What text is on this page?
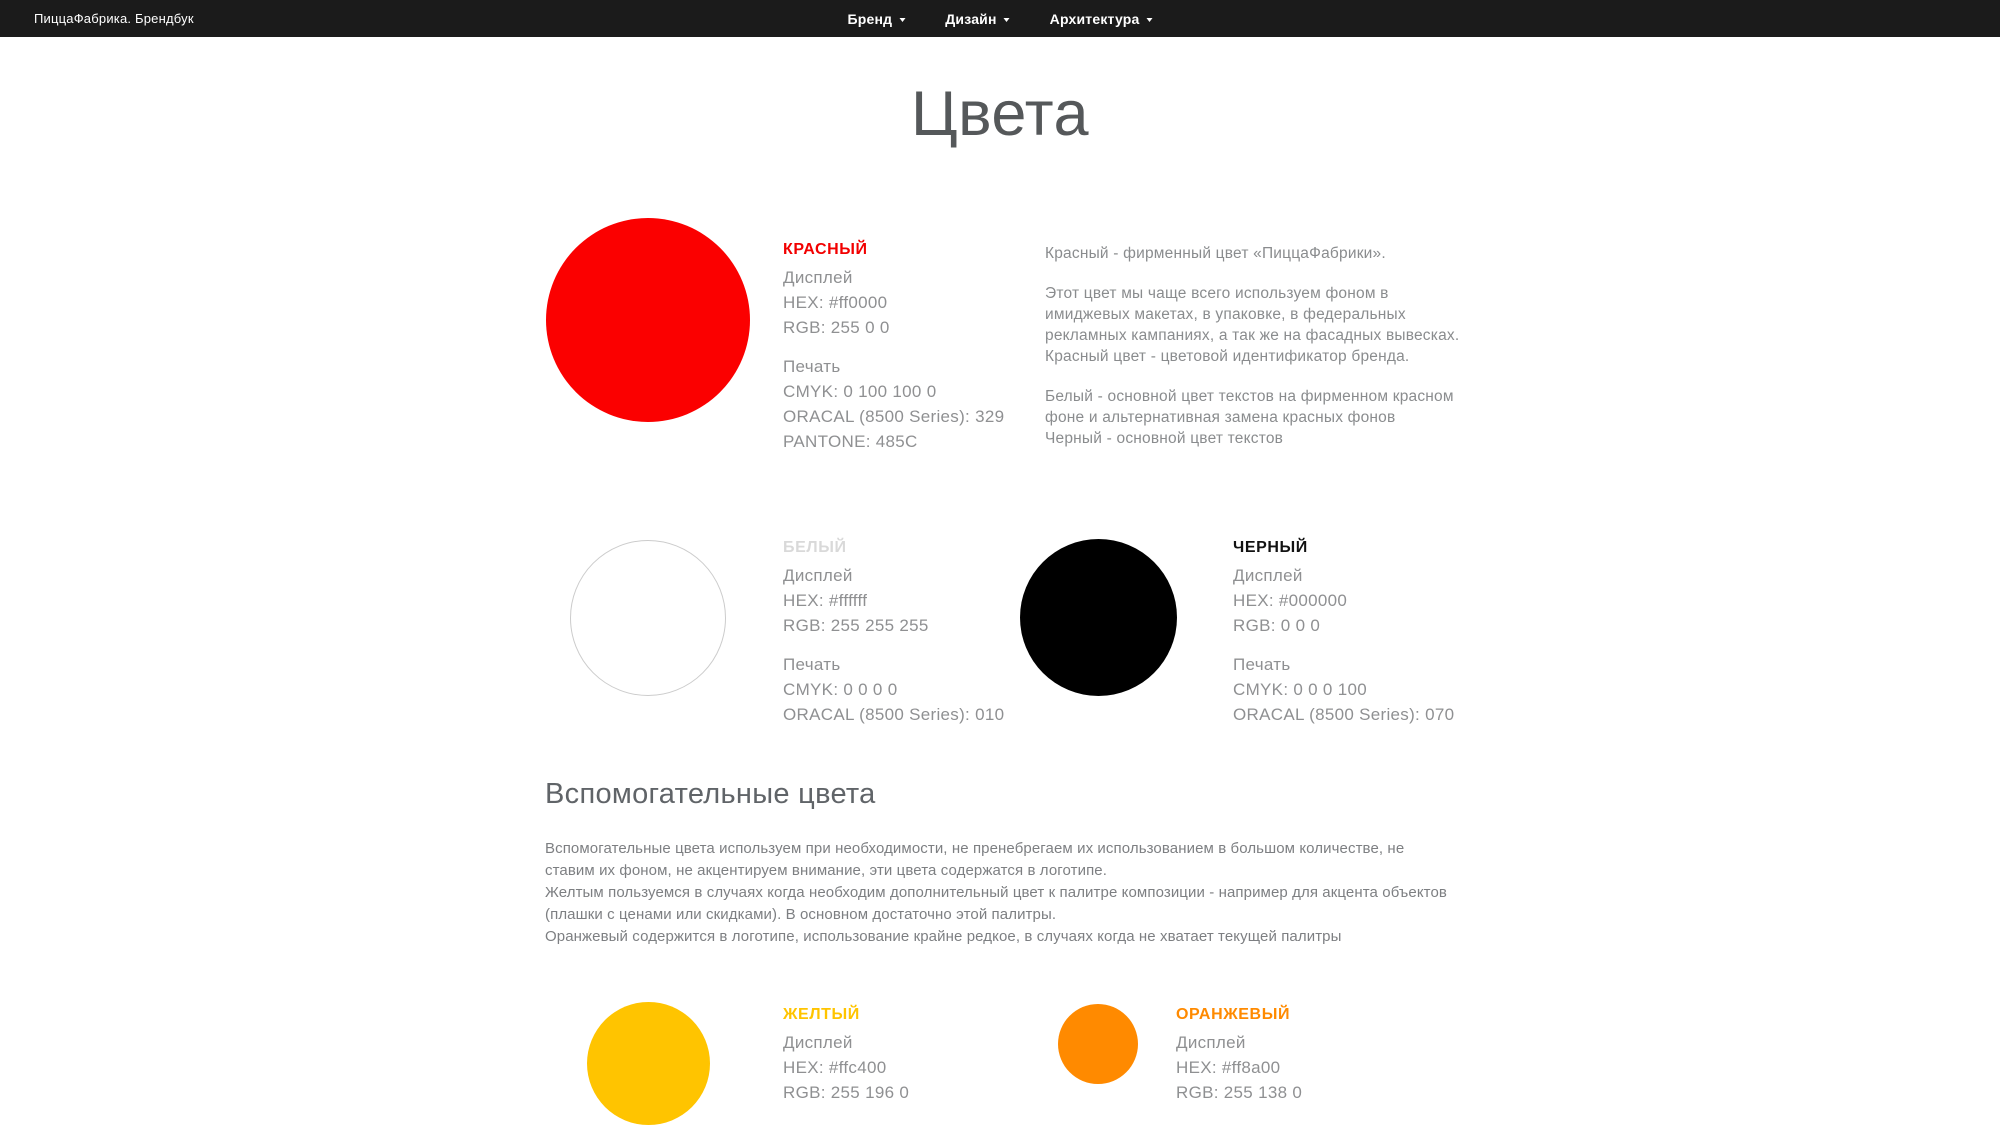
ПиццаФабрика. Брендбук	Бренд	Дизайн	Архитектура
Цвета
КРАСНЫЙ
Дисплей
HEX: #ff0000
RGB: 255 0 0
Печать
CMYK: 0 100 100 0
ORACAL (8500 Series): 329
PANTONE: 485C

Красный - фирменный цвет «ПиццаФабрики».

Этот цвет мы чаще всего используем фоном в имиджевых макетах, в упаковке, в федеральных рекламных кампаниях, а так же на фасадных вывесках. Красный цвет - цветовой идентификатор бренда.

Белый - основной цвет текстов на фирменном красном фоне и альтернативная замена красных фонов

Черный - основной цвет текстов

БЕЛЫЙ
Дисплей
HEX: #ffffff
RGB: 255 255 255
Печать
CMYK: 0 0 0 0
ORACAL (8500 Series): 010
ЧЕРНЫЙ
Дисплей
HEX: #000000
RGB: 0 0 0
Печать
CMYK: 0 0 0 100
ORACAL (8500 Series): 070
Вспомогательные цвета
Вспомогательные цвета используем при необходимости, не пренебрегаем их использованием в большом количестве, не ставим их фоном, не акцентируем внимание, эти цвета содержатся в логотипе.
Желтым пользуемся в случаях когда необходим дополнительный цвет к палитре композиции - например для акцента объектов (плашки с ценами или скидками). В основном достаточно этой палитры.
Оранжевый содержится в логотипе, использование крайне редкое, в случаях когда не хватает текущей палитры
ЖЕЛТЫЙ
Дисплей
HEX: #ffc400
RGB: 255 196 0
ОРАНЖЕВЫЙ
Дисплей
HEX: #ff8a00
RGB: 255 138 0
